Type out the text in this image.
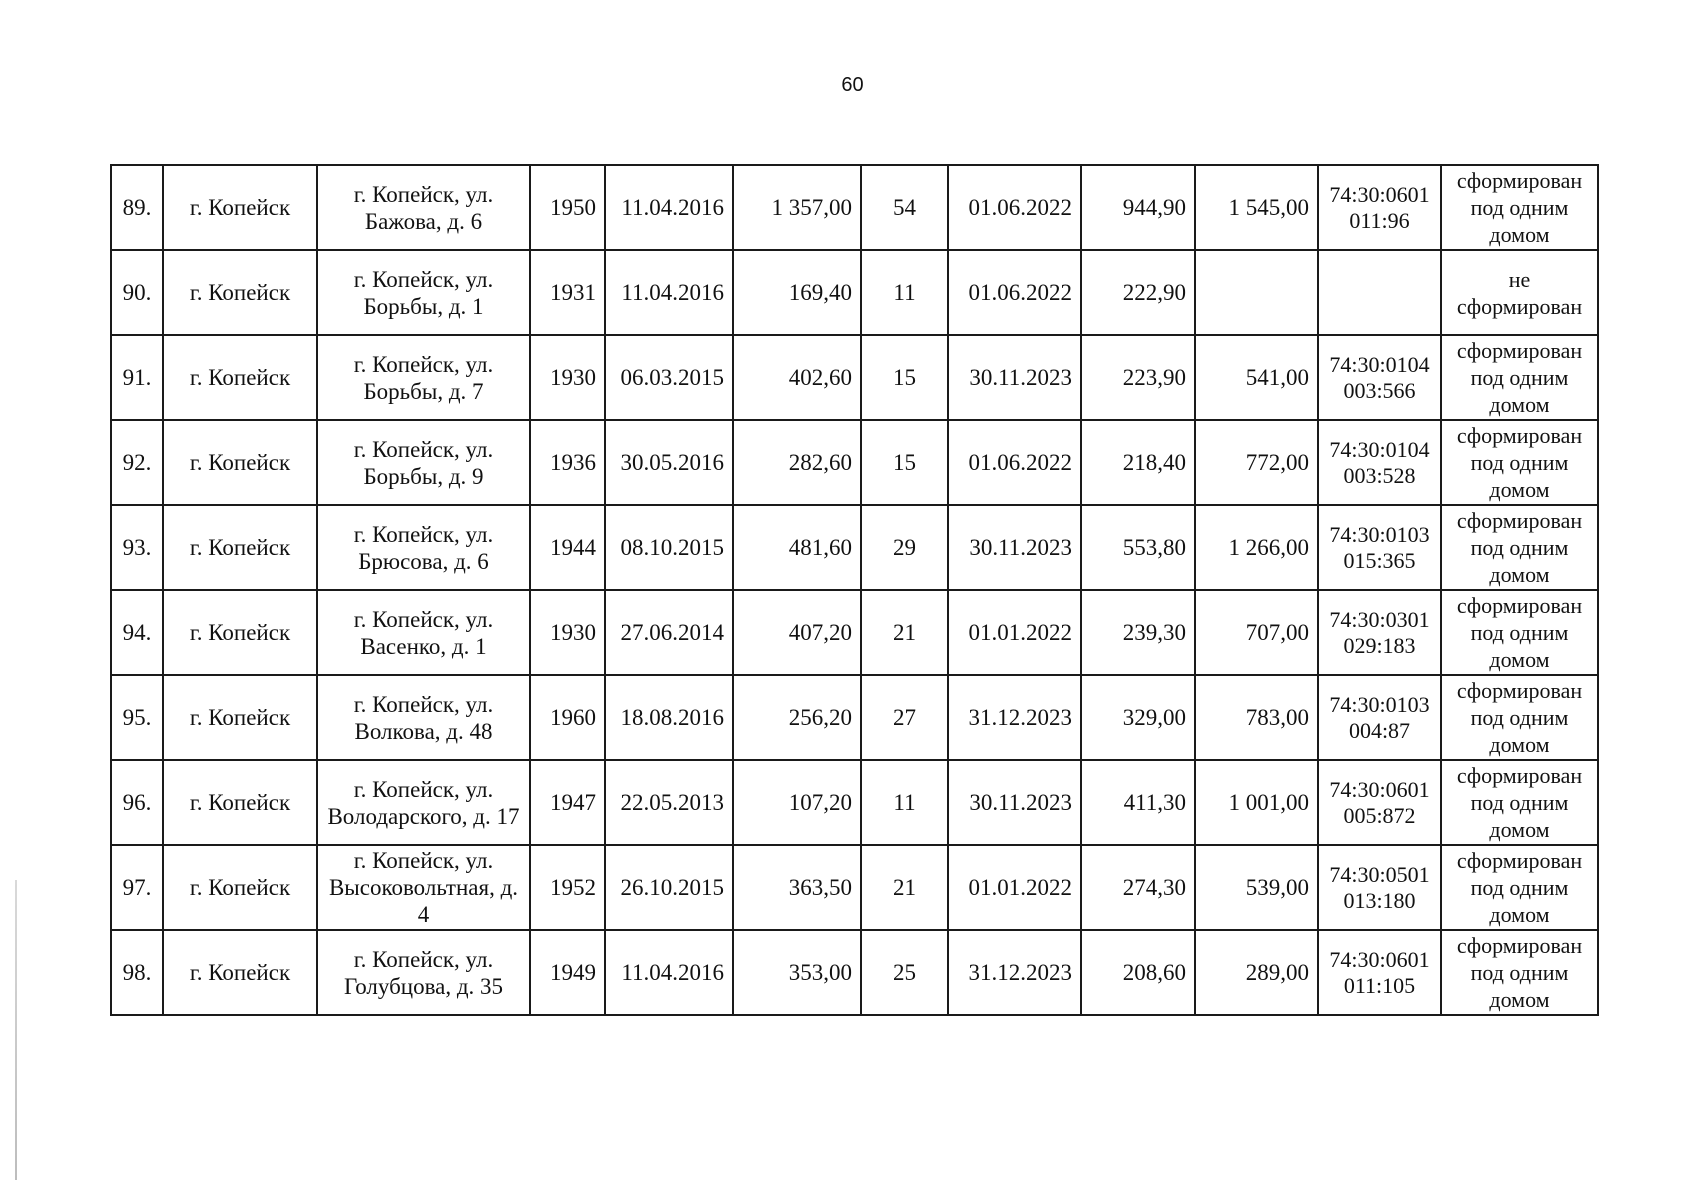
60
89.	г. Копейск	г. Копейск, ул. Бажова, д. 6	1950	11.04.2016	1 357,00	54	01.06.2022	944,90	1 545,00	74:30:0601 011:96	сформирован под одним домом
90.	г. Копейск	г. Копейск, ул. Борьбы, д. 1	1931	11.04.2016	169,40	11	01.06.2022	222,90			не сформирован
91.	г. Копейск	г. Копейск, ул. Борьбы, д. 7	1930	06.03.2015	402,60	15	30.11.2023	223,90	541,00	74:30:0104 003:566	сформирован под одним домом
92.	г. Копейск	г. Копейск, ул. Борьбы, д. 9	1936	30.05.2016	282,60	15	01.06.2022	218,40	772,00	74:30:0104 003:528	сформирован под одним домом
93.	г. Копейск	г. Копейск, ул. Брюсова, д. 6	1944	08.10.2015	481,60	29	30.11.2023	553,80	1 266,00	74:30:0103 015:365	сформирован под одним домом
94.	г. Копейск	г. Копейск, ул. Васенко, д. 1	1930	27.06.2014	407,20	21	01.01.2022	239,30	707,00	74:30:0301 029:183	сформирован под одним домом
95.	г. Копейск	г. Копейск, ул. Волкова, д. 48	1960	18.08.2016	256,20	27	31.12.2023	329,00	783,00	74:30:0103 004:87	сформирован под одним домом
96.	г. Копейск	г. Копейск, ул. Володарского, д. 17	1947	22.05.2013	107,20	11	30.11.2023	411,30	1 001,00	74:30:0601 005:872	сформирован под одним домом
97.	г. Копейск	г. Копейск, ул. Высоковольтная, д. 4	1952	26.10.2015	363,50	21	01.01.2022	274,30	539,00	74:30:0501 013:180	сформирован под одним домом
98.	г. Копейск	г. Копейск, ул. Голубцова, д. 35	1949	11.04.2016	353,00	25	31.12.2023	208,60	289,00	74:30:0601 011:105	сформирован под одним домом
